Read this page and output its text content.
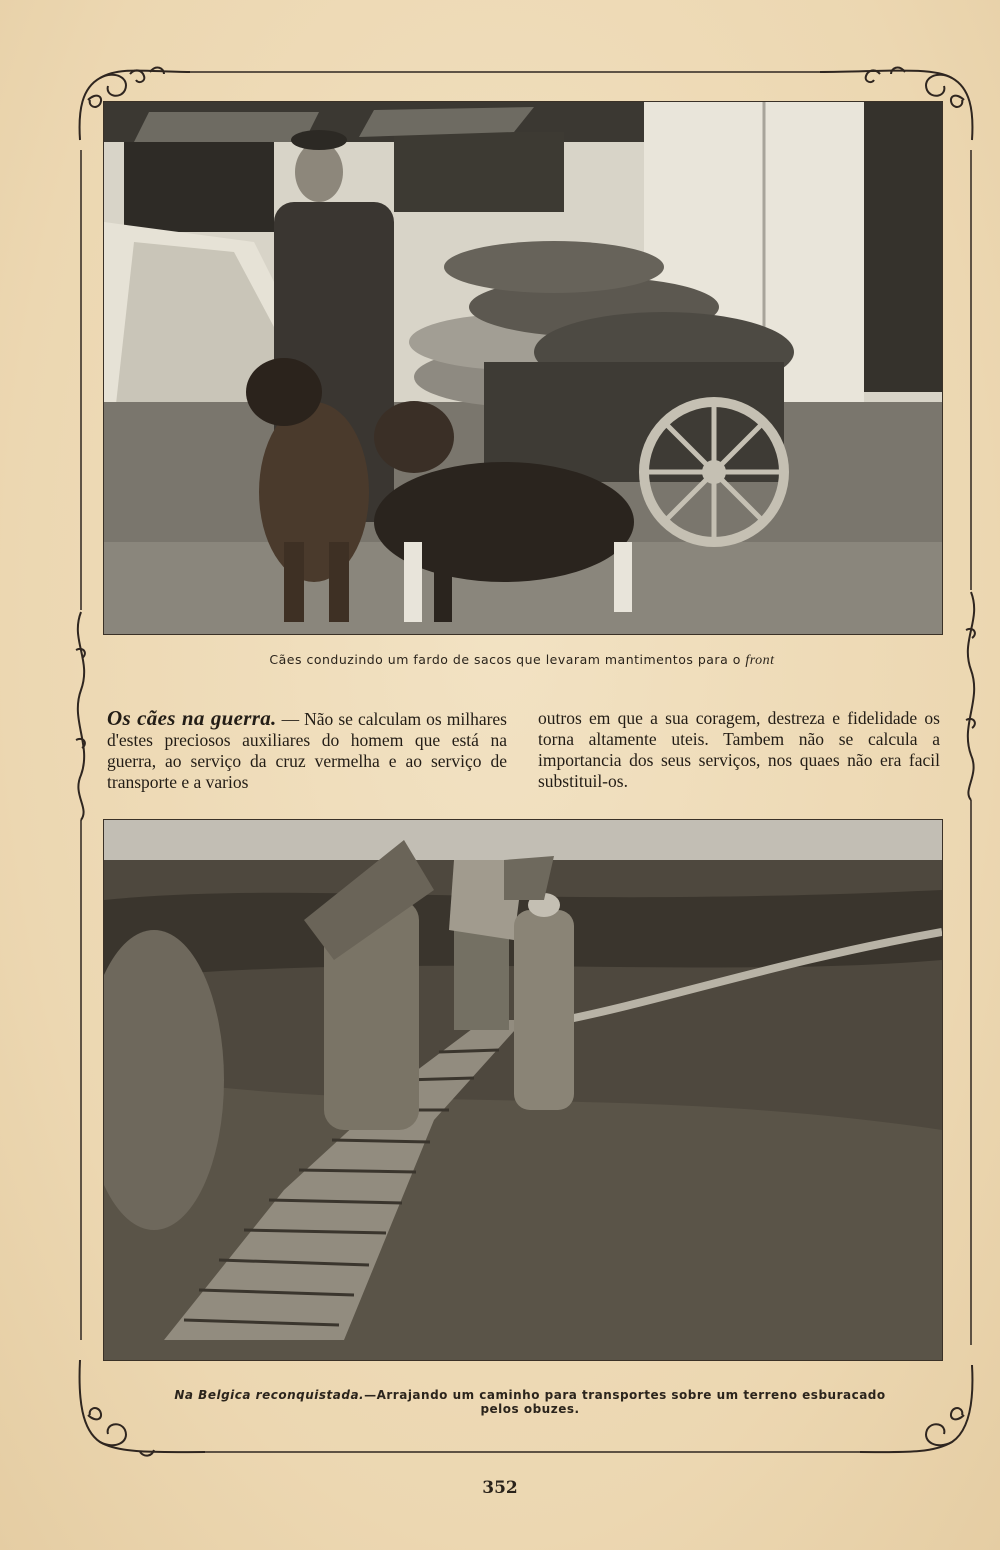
Cães conduzindo um fardo de sacos que levaram mantimentos para o front
Os cães na guerra. — Não se calculam os milhares d'estes preciosos auxiliares do homem que está na guerra, ao serviço da cruz vermelha e ao serviço de transporte e a varios
outros em que a sua coragem, destreza e fidelidade os torna altamente uteis. Tambem não se calcula a importancia dos seus serviços, nos quaes não era facil substituil-os.
Na Belgica reconquistada.—Arrajando um caminho para transportes sobre um terreno esburacado pelos obuzes.
352
